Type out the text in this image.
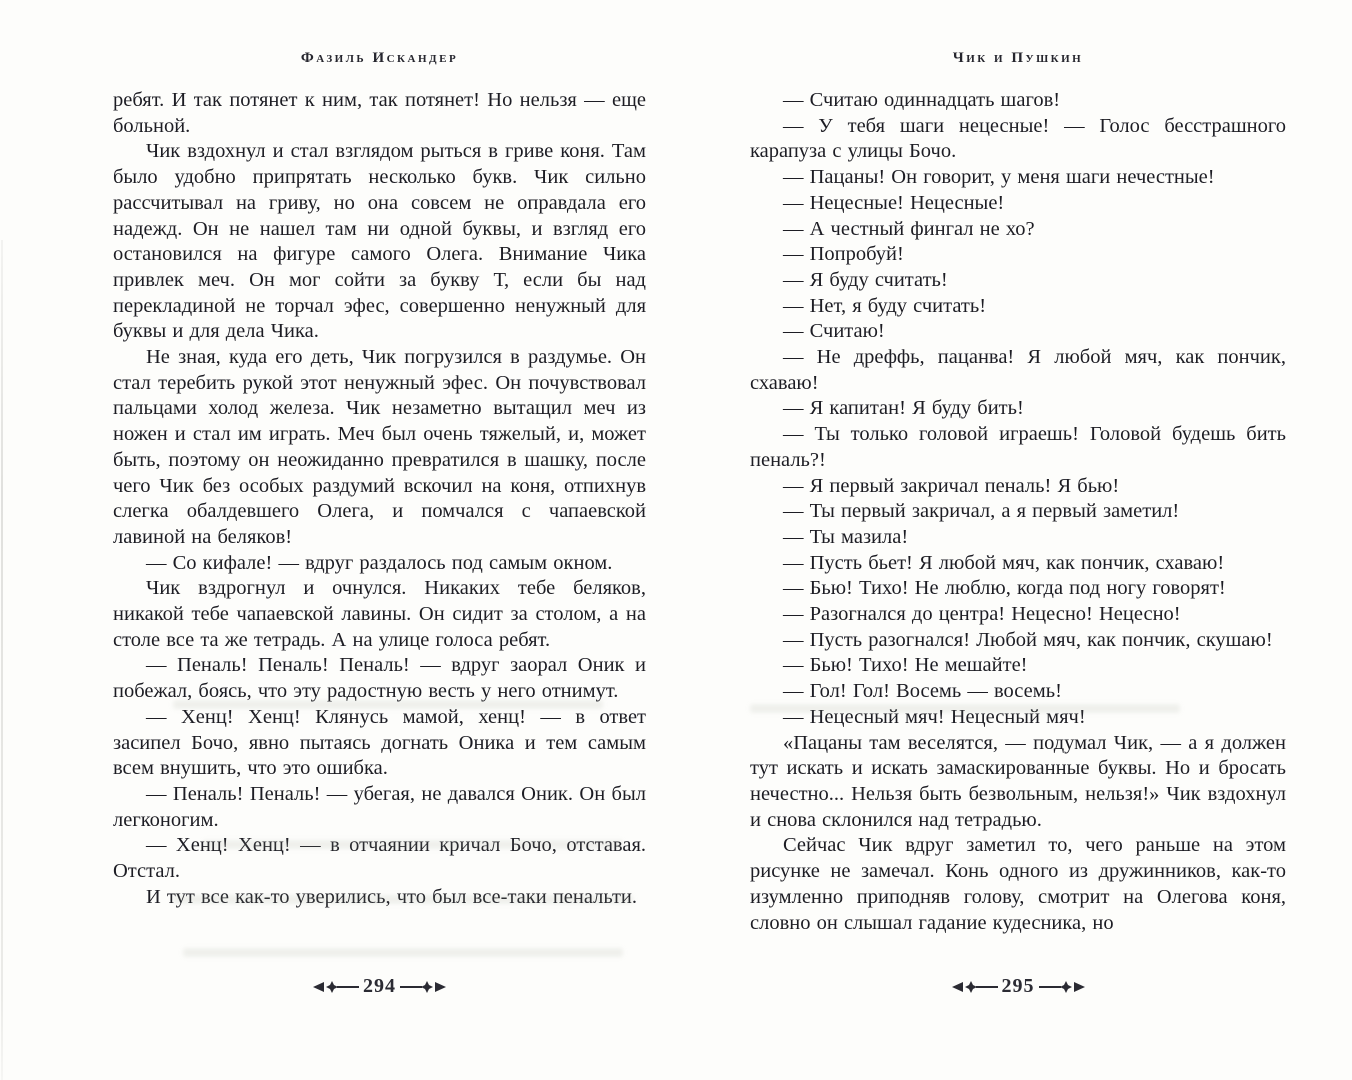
Фазиль Искандер

ребят. И так потянет к ним, так потянет! Но нельзя — еще больной.

Чик вздохнул и стал взглядом рыться в гриве коня. Там было удобно припрятать несколько букв. Чик сильно рассчитывал на гриву, но она совсем не оправдала его надежд. Он не нашел там ни одной буквы, и взгляд его остановился на фигуре самого Олега. Внимание Чика привлек меч. Он мог сойти за букву Т, если бы над перекладиной не торчал эфес, совершенно ненужный для буквы и для дела Чика.

Не зная, куда его деть, Чик погрузился в раздумье. Он стал теребить рукой этот ненужный эфес. Он почувствовал пальцами холод железа. Чик незаметно вытащил меч из ножен и стал им играть. Меч был очень тяжелый, и, может быть, поэтому он неожиданно превратился в шашку, после чего Чик без особых раздумий вскочил на коня, отпихнув слегка обалдевшего Олега, и помчался с чапаевской лавиной на беляков!

— Со кифале! — вдруг раздалось под самым окном.

Чик вздрогнул и очнулся. Никаких тебе беляков, никакой тебе чапаевской лавины. Он сидит за столом, а на столе все та же тетрадь. А на улице голоса ребят.

— Пеналь! Пеналь! Пеналь! — вдруг заорал Оник и побежал, боясь, что эту радостную весть у него отнимут.

— Хенц! Хенц! Клянусь мамой, хенц! — в ответ засипел Бочо, явно пытаясь догнать Оника и тем самым всем внушить, что это ошибка.

— Пеналь! Пеналь! — убегая, не давался Оник. Он был легконогим.

— Хенц! Хенц! — в отчаянии кричал Бочо, отставая. Отстал.

И тут все как-то уверились, что был все-таки пенальти.

294
Чик и Пушкин

— Считаю одиннадцать шагов!

— У тебя шаги нецесные! — Голос бесстрашного карапуза с улицы Бочо.

— Пацаны! Он говорит, у меня шаги нечестные!

— Нецесные! Нецесные!

— А честный фингал не хо?

— Попробуй!

— Я буду считать!

— Нет, я буду считать!

— Считаю!

— Не дреффь, пацанва! Я любой мяч, как пончик, схаваю!

— Я капитан! Я буду бить!

— Ты только головой играешь! Головой будешь бить пеналь?!

— Я первый закричал пеналь! Я бью!

— Ты первый закричал, а я первый заметил!

— Ты мазила!

— Пусть бьет! Я любой мяч, как пончик, схаваю!

— Бью! Тихо! Не люблю, когда под ногу говорят!

— Разогнался до центра! Нецесно! Нецесно!

— Пусть разогнался! Любой мяч, как пончик, скушаю!

— Бью! Тихо! Не мешайте!

— Гол! Гол! Восемь — восемь!

— Нецесный мяч! Нецесный мяч!

«Пацаны там веселятся, — подумал Чик, — а я должен тут искать и искать замаскированные буквы. Но и бросать нечестно... Нельзя быть безвольным, нельзя!» Чик вздохнул и снова склонился над тетрадью.

Сейчас Чик вдруг заметил то, чего раньше на этом рисунке не замечал. Конь одного из дружинников, как-то изумленно приподняв голову, смотрит на Олегова коня, словно он слышал гадание кудесника, но

295
